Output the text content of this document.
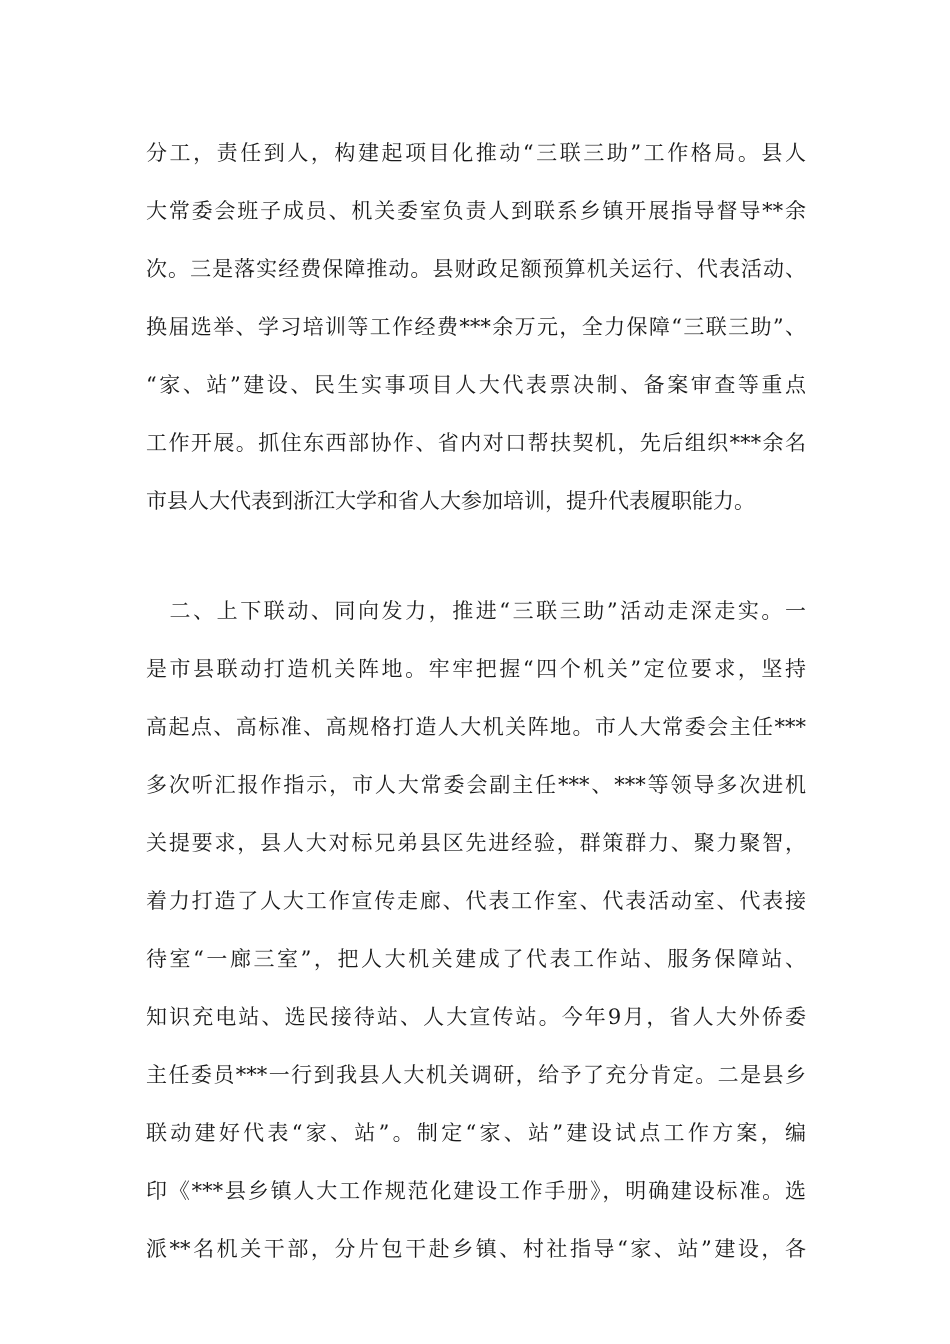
分工，责任到人，构建起项目化推动“三联三助”工作格局。县人
大常委会班子成员、机关委室负责人到联系乡镇开展指导督导**余
次。三是落实经费保障推动。县财政足额预算机关运行、代表活动、
换届选举、学习培训等工作经费***余万元，全力保障“三联三助”、
“家、站”建设、民生实事项目人大代表票决制、备案审查等重点
工作开展。抓住东西部协作、省内对口帮扶契机，先后组织***余名
市县人大代表到浙江大学和省人大参加培训，提升代表履职能力。
　二、上下联动、同向发力，推进“三联三助”活动走深走实。一
是市县联动打造机关阵地。牢牢把握“四个机关”定位要求，坚持
高起点、高标准、高规格打造人大机关阵地。市人大常委会主任***
多次听汇报作指示，市人大常委会副主任***、***等领导多次进机
关提要求，县人大对标兄弟县区先进经验，群策群力、聚力聚智，
着力打造了人大工作宣传走廊、代表工作室、代表活动室、代表接
待室“一廊三室”，把人大机关建成了代表工作站、服务保障站、
知识充电站、选民接待站、人大宣传站。今年9月，省人大外侨委
主任委员***一行到我县人大机关调研，给予了充分肯定。二是县乡
联动建好代表“家、站”。制定“家、站”建设试点工作方案，编
印《***县乡镇人大工作规范化建设工作手册》，明确建设标准。选
派**名机关干部，分片包干赴乡镇、村社指导“家、站”建设，各
